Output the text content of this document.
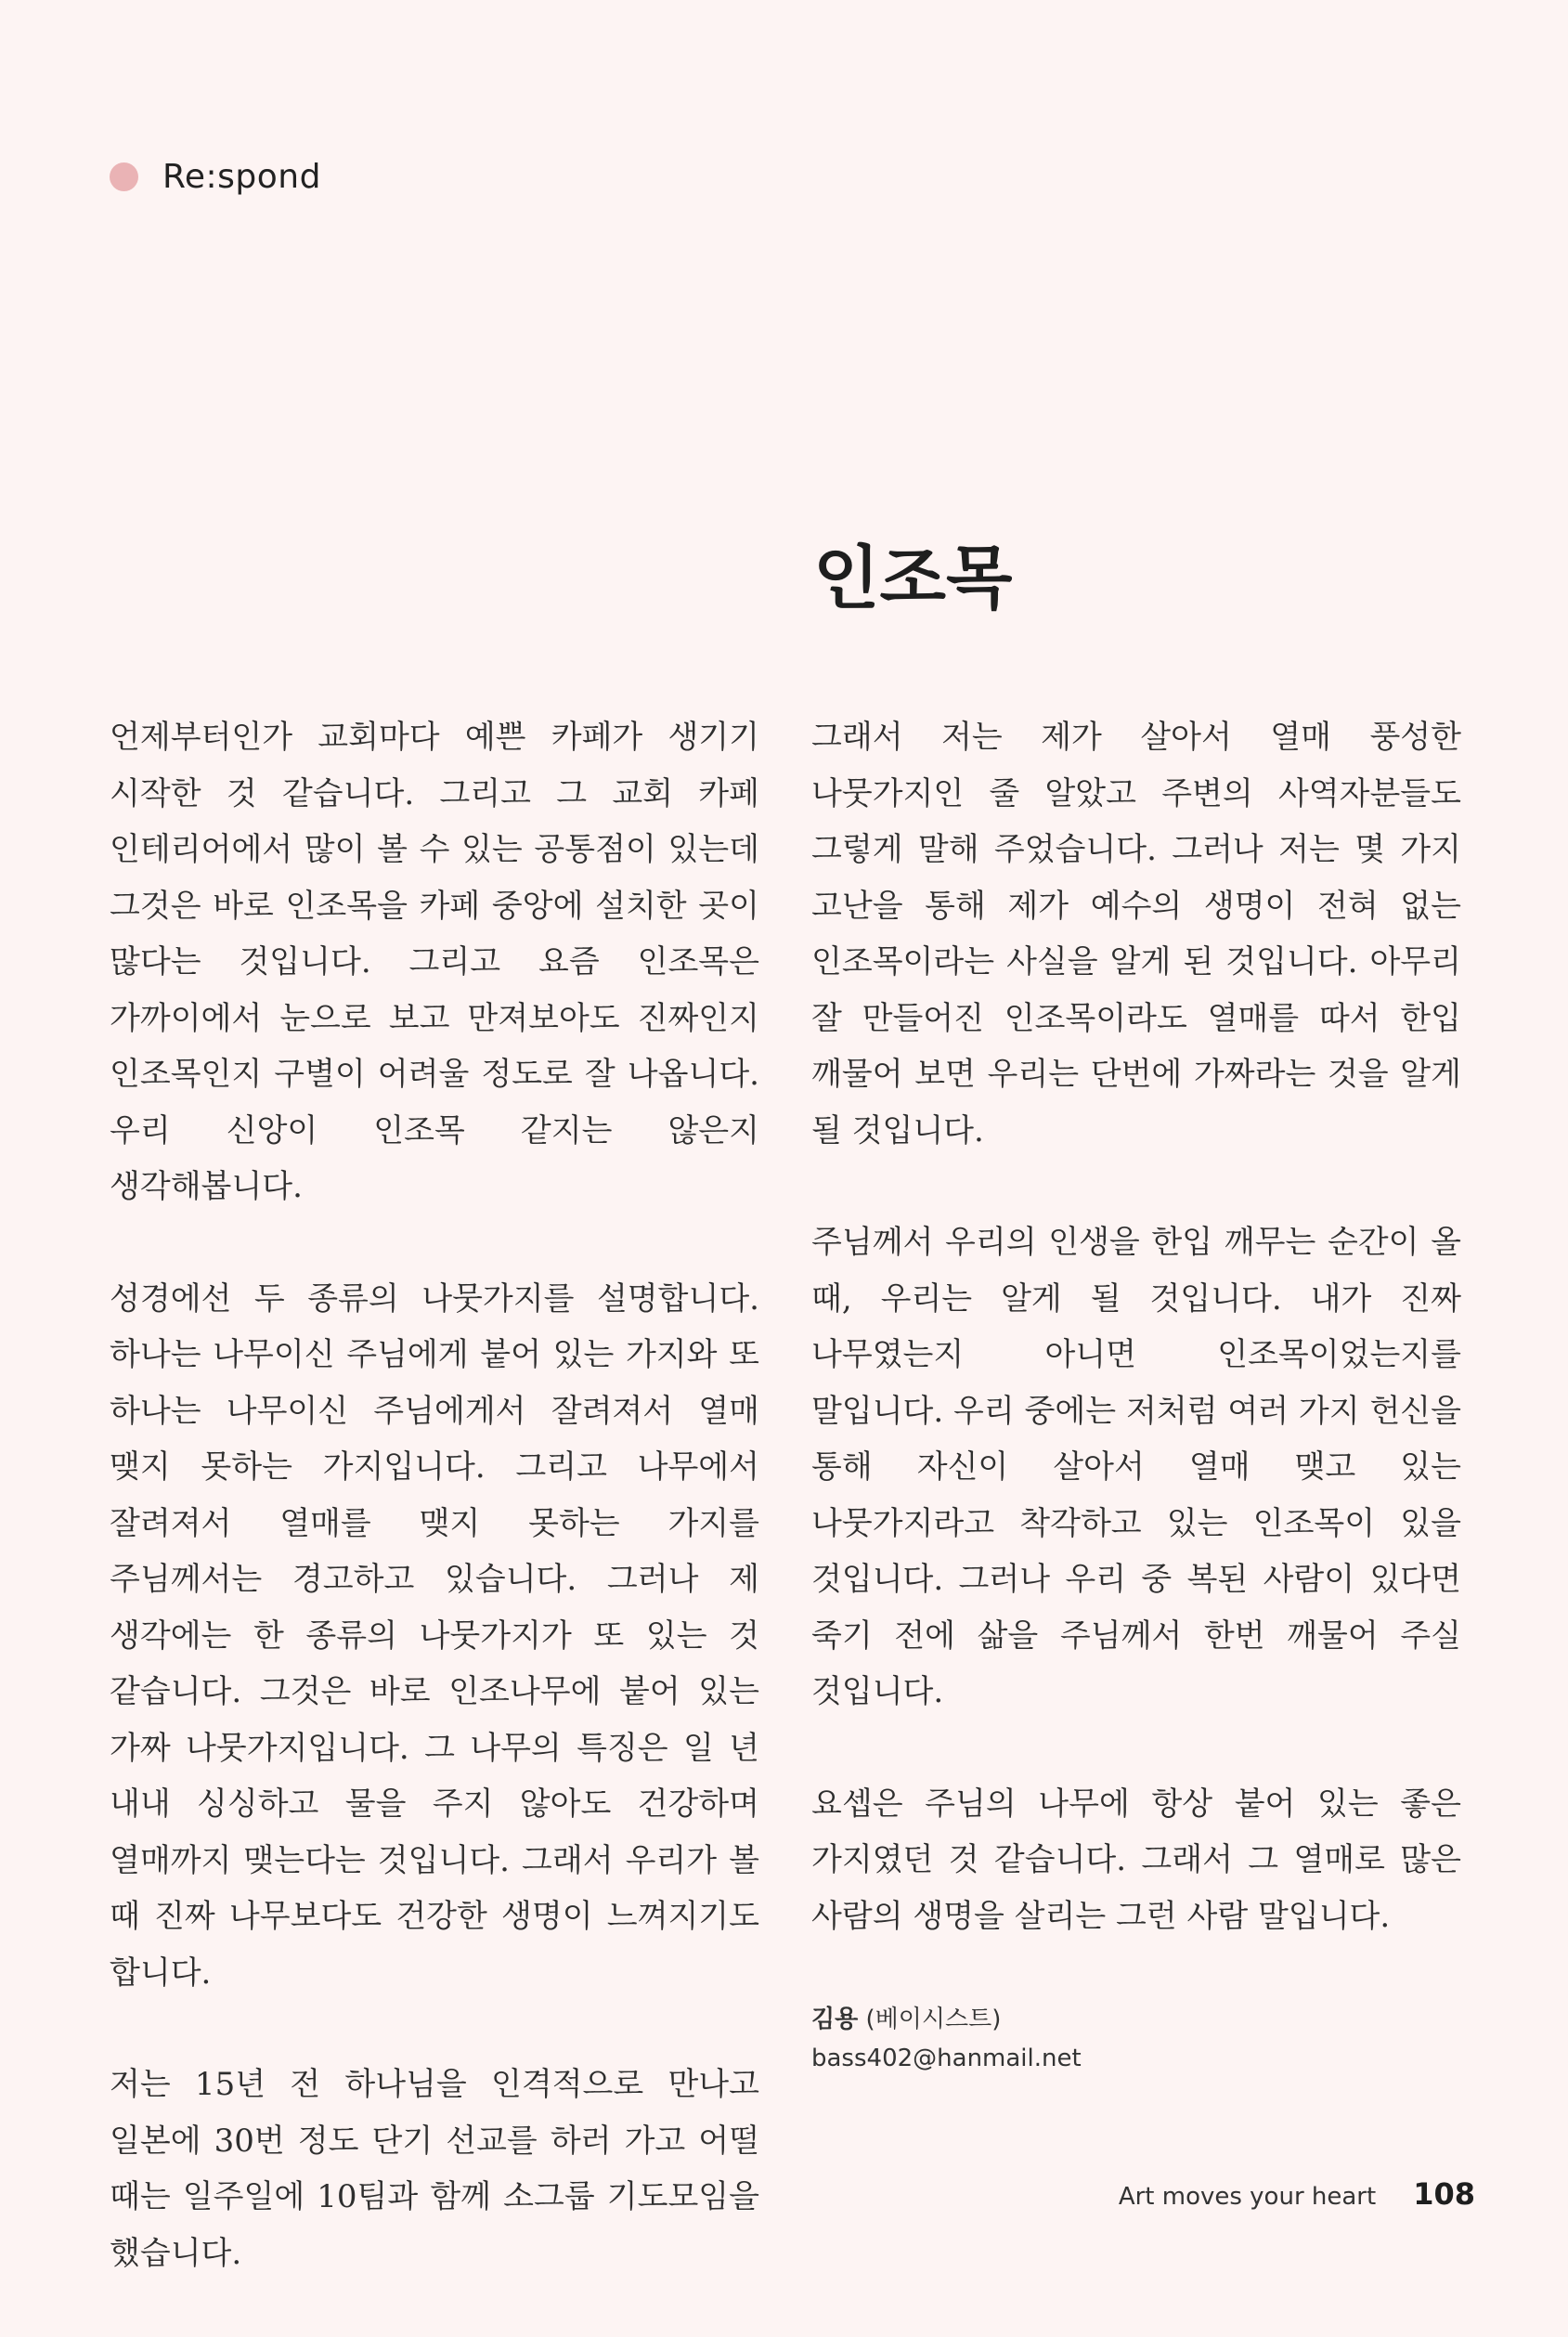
Re:spond
인조목

언제부터인가 교회마다 예쁜 카페가 생기기 시작한 것 같습니다. 그리고 그 교회 카페 인테리어에서 많이 볼 수 있는 공통점이 있는데 그것은 바로 인조목을 카페 중앙에 설치한 곳이 많다는 것입니다. 그리고 요즘 인조목은 가까이에서 눈으로 보고 만져보아도 진짜인지 인조목인지 구별이 어려울 정도로 잘 나옵니다. 우리 신앙이 인조목 같지는 않은지 생각해봅니다.

성경에선 두 종류의 나뭇가지를 설명합니다. 하나는 나무이신 주님에게 붙어 있는 가지와 또 하나는 나무이신 주님에게서 잘려져서 열매 맺지 못하는 가지입니다. 그리고 나무에서 잘려져서 열매를 맺지 못하는 가지를 주님께서는 경고하고 있습니다. 그러나 제 생각에는 한 종류의 나뭇가지가 또 있는 것 같습니다. 그것은 바로 인조나무에 붙어 있는 가짜 나뭇가지입니다. 그 나무의 특징은 일 년 내내 싱싱하고 물을 주지 않아도 건강하며 열매까지 맺는다는 것입니다. 그래서 우리가 볼 때 진짜 나무보다도 건강한 생명이 느껴지기도 합니다.

저는 15년 전 하나님을 인격적으로 만나고 일본에 30번 정도 단기 선교를 하러 가고 어떨 때는 일주일에 10팀과 함께 소그룹 기도모임을 했습니다.

그래서 저는 제가 살아서 열매 풍성한 나뭇가지인 줄 알았고 주변의 사역자분들도 그렇게 말해 주었습니다. 그러나 저는 몇 가지 고난을 통해 제가 예수의 생명이 전혀 없는 인조목이라는 사실을 알게 된 것입니다. 아무리 잘 만들어진 인조목이라도 열매를 따서 한입 깨물어 보면 우리는 단번에 가짜라는 것을 알게 될 것입니다.

주님께서 우리의 인생을 한입 깨무는 순간이 올 때, 우리는 알게 될 것입니다. 내가 진짜 나무였는지 아니면 인조목이었는지를 말입니다. 우리 중에는 저처럼 여러 가지 헌신을 통해 자신이 살아서 열매 맺고 있는 나뭇가지라고 착각하고 있는 인조목이 있을 것입니다. 그러나 우리 중 복된 사람이 있다면 죽기 전에 삶을 주님께서 한번 깨물어 주실 것입니다.

요셉은 주님의 나무에 항상 붙어 있는 좋은 가지였던 것 같습니다. 그래서 그 열매로 많은 사람의 생명을 살리는 그런 사람 말입니다.

김용 (베이시스트)
bass402@hanmail.net
Art moves your heart 108
